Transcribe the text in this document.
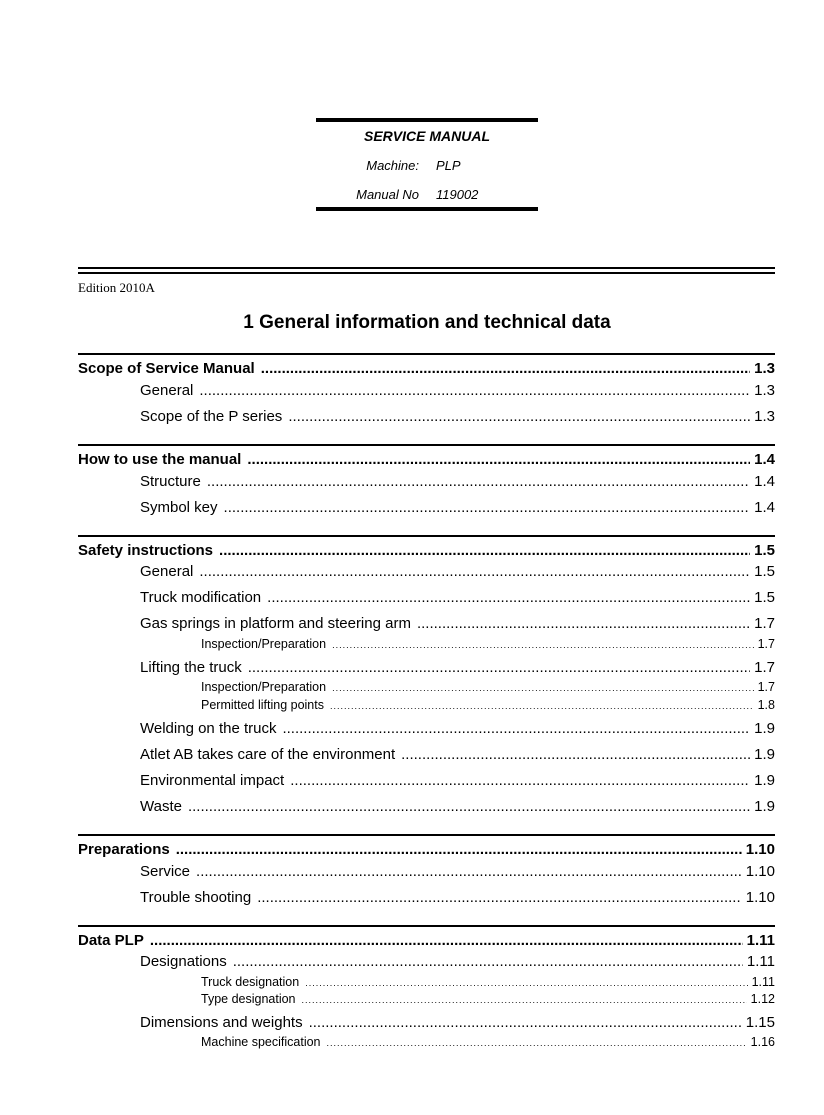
SERVICE MANUAL
Machine: PLP
Manual No 119002
Edition 2010A
1 General information and technical data
Scope of Service Manual .....	1.3
General .....	1.3
Scope of the P series .....	1.3
How to use the manual .....	1.4
Structure .....	1.4
Symbol key .....	1.4
Safety instructions .....	1.5
General .....	1.5
Truck modification .....	1.5
Gas springs in platform and steering arm .....	1.7
Inspection/Preparation .....	1.7
Lifting the truck .....	1.7
Inspection/Preparation .....	1.7
Permitted lifting points .....	1.8
Welding on the truck .....	1.9
Atlet AB takes care of the environment .....	1.9
Environmental impact .....	1.9
Waste .....	1.9
Preparations .....	1.10
Service .....	1.10
Trouble shooting .....	1.10
Data PLP .....	1.11
Designations .....	1.11
Truck designation .....	1.11
Type designation .....	1.12
Dimensions and weights .....	1.15
Machine specification .....	1.16
